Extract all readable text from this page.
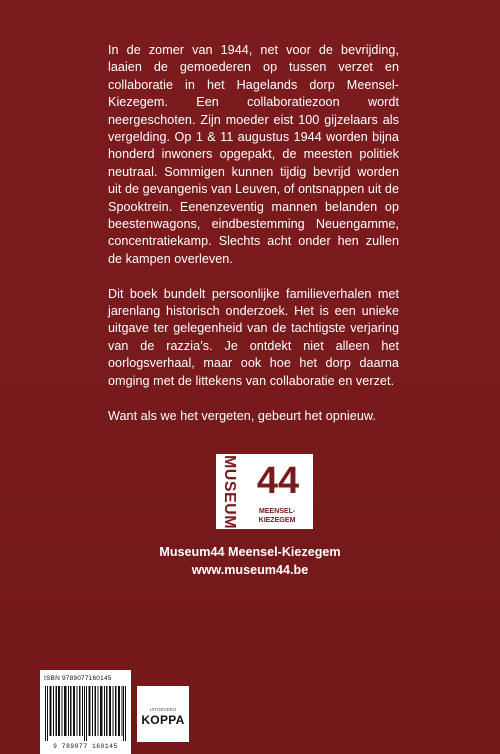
In de zomer van 1944, net voor de bevrijding, laaien de gemoederen op tussen verzet en collaboratie in het Hagelands dorp Meensel-Kiezegem. Een collaboratiezoon wordt neergeschoten. Zijn moeder eist 100 gijzelaars als vergelding. Op 1 & 11 augustus 1944 worden bijna honderd inwoners opgepakt, de meesten politiek neutraal. Sommigen kunnen tijdig bevrijd worden uit de gevangenis van Leuven, of ontsnappen uit de Spooktrein. Eenenzeventig mannen belanden op beestenwagons, eindbestemming Neuengamme, concentratiekamp. Slechts acht onder hen zullen de kampen overleven.

Dit boek bundelt persoonlijke familieverhalen met jarenlang historisch onderzoek. Het is een unieke uitgave ter gelegenheid van de tachtigste verjaring van de razzia’s. Je ontdekt niet alleen het oorlogsverhaal, maar ook hoe het dorp daarna omging met de littekens van collaboratie en verzet.

Want als we het vergeten, gebeurt het opnieuw.

MUSEUM 44
MEENSEL-KIEZEGEM
Museum44 Meensel-Kiezegem
www.museum44.be
ISBN 9789077160145
9 789077 160145
UITGEVERIJ
KOPPA
